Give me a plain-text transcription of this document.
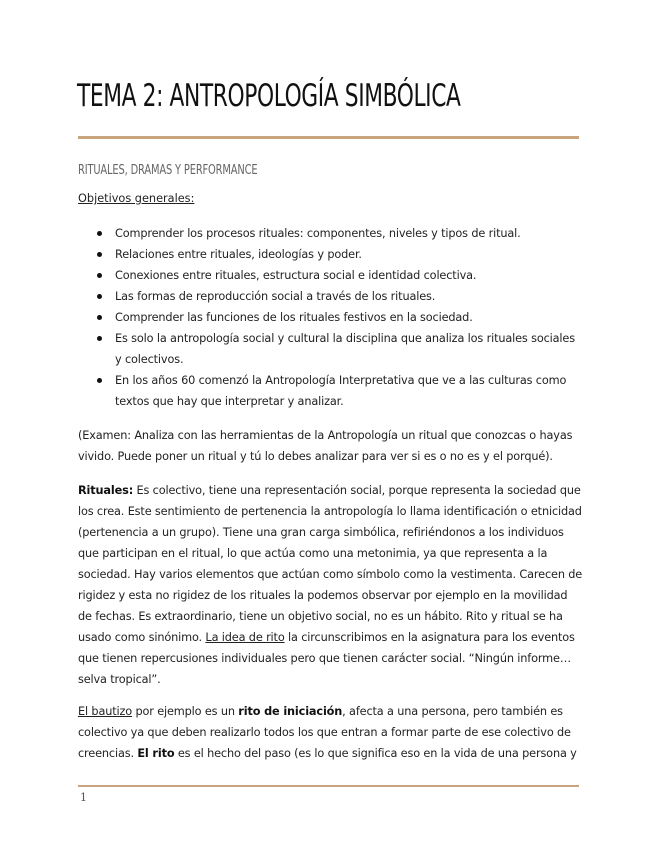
TEMA 2: ANTROPOLOGÍA SIMBÓLICA
RITUALES, DRAMAS Y PERFORMANCE
Objetivos generales:
Comprender los procesos rituales: componentes, niveles y tipos de ritual.
Relaciones entre rituales, ideologías y poder.
Conexiones entre rituales, estructura social e identidad colectiva.
Las formas de reproducción social a través de los rituales.
Comprender las funciones de los rituales festivos en la sociedad.
Es solo la antropología social y cultural la disciplina que analiza los rituales sociales y colectivos.
En los años 60 comenzó la Antropología Interpretativa que ve a las culturas como textos que hay que interpretar y analizar.

(Examen: Analiza con las herramientas de la Antropología un ritual que conozcas o hayas vivido. Puede poner un ritual y tú lo debes analizar para ver si es o no es y el porqué).

Rituales: Es colectivo, tiene una representación social, porque representa la sociedad que los crea. Este sentimiento de pertenencia la antropología lo llama identificación o etnicidad (pertenencia a un grupo). Tiene una gran carga simbólica, refiriéndonos a los individuos que participan en el ritual, lo que actúa como una metonimia, ya que representa a la sociedad. Hay varios elementos que actúan como símbolo como la vestimenta. Carecen de rigidez y esta no rigidez de los rituales la podemos observar por ejemplo en la movilidad de fechas. Es extraordinario, tiene un objetivo social, no es un hábito. Rito y ritual se ha usado como sinónimo. La idea de rito la circunscribimos en la asignatura para los eventos que tienen repercusiones individuales pero que tienen carácter social. “Ningún informe…selva tropical”.

El bautizo por ejemplo es un rito de iniciación, afecta a una persona, pero también es colectivo ya que deben realizarlo todos los que entran a formar parte de ese colectivo de creencias. El rito es el hecho del paso (es lo que significa eso en la vida de una persona y

1
